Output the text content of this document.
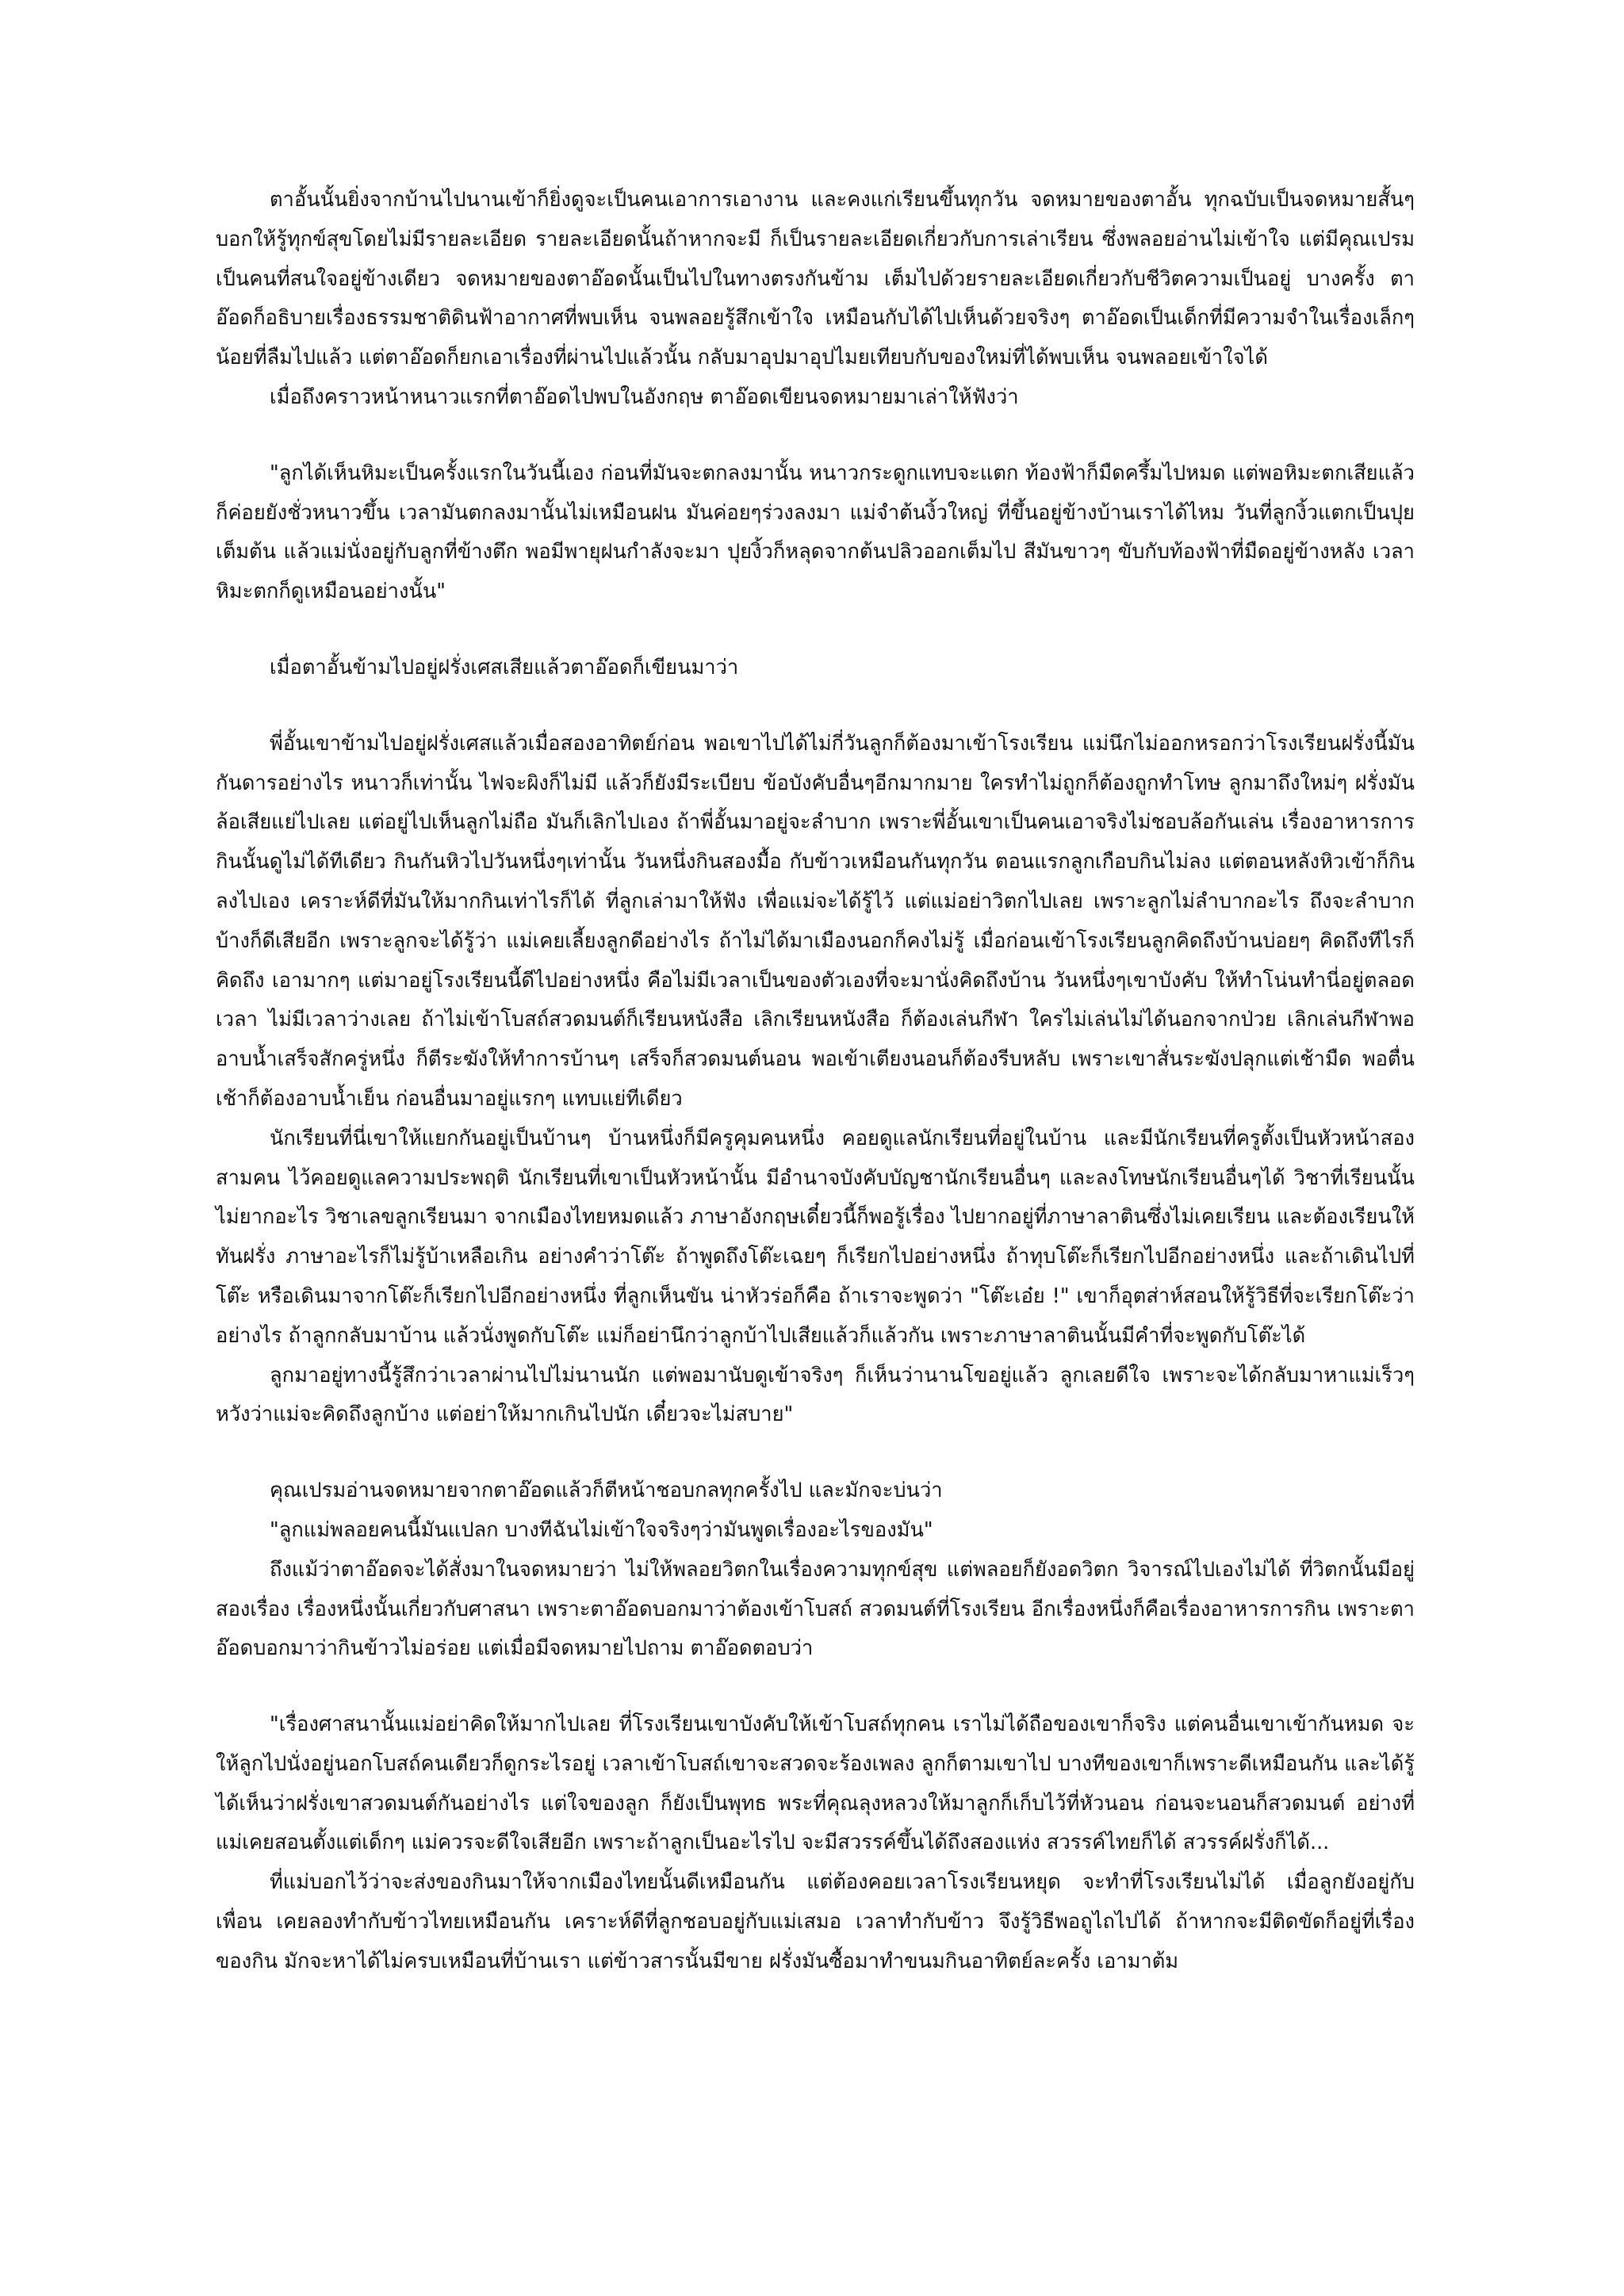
ตาอั้นนั้นยิ่งจากบ้านไปนานเข้าก็ยิ่งดูจะเป็นคนเอาการเอางาน และคงแก่เรียนขึ้นทุกวัน จดหมายของตาอั้น ทุกฉบับเป็นจดหมายสั้นๆ บอกให้รู้ทุกข์สุขโดยไม่มีรายละเอียด รายละเอียดนั้นถ้าหากจะมี ก็เป็นรายละเอียดเกี่ยวกับการเล่าเรียน ซึ่งพลอยอ่านไม่เข้าใจ แต่มีคุณเปรมเป็นคนที่สนใจอยู่ข้างเดียว จดหมายของตาอ๊อดนั้นเป็นไปในทางตรงกันข้าม เต็มไปด้วยรายละเอียดเกี่ยวกับชีวิตความเป็นอยู่ บางครั้ง ตาอ๊อดก็อธิบายเรื่องธรรมชาติดินฟ้าอากาศที่พบเห็น จนพลอยรู้สึกเข้าใจ เหมือนกับได้ไปเห็นด้วยจริงๆ ตาอ๊อดเป็นเด็กที่มีความจำในเรื่องเล็กๆน้อยที่ลืมไปแล้ว แต่ตาอ๊อดก็ยกเอาเรื่องที่ผ่านไปแล้วนั้น กลับมาอุปมาอุปไมยเทียบกับของใหม่ที่ได้พบเห็น จนพลอยเข้าใจได้
เมื่อถึงคราวหน้าหนาวแรกที่ตาอ๊อดไปพบในอังกฤษ ตาอ๊อดเขียนจดหมายมาเล่าให้ฟังว่า
"ลูกได้เห็นหิมะเป็นครั้งแรกในวันนี้เอง ก่อนที่มันจะตกลงมานั้น หนาวกระดูกแทบจะแตก ท้องฟ้าก็มืดครึ้มไปหมด แต่พอหิมะตกเสียแล้ว ก็ค่อยยังชั่วหนาวขึ้น เวลามันตกลงมานั้นไม่เหมือนฝน มันค่อยๆร่วงลงมา แม่จำต้นงิ้วใหญ่ ที่ขึ้นอยู่ข้างบ้านเราได้ไหม วันที่ลูกงิ้วแตกเป็นปุยเต็มต้น แล้วแม่นั่งอยู่กับลูกที่ข้างตึก พอมีพายุฝนกำลังจะมา ปุยงิ้วก็หลุดจากต้นปลิวออกเต็มไป สีมันขาวๆ ขับกับท้องฟ้าที่มืดอยู่ข้างหลัง เวลาหิมะตกก็ดูเหมือนอย่างนั้น"
เมื่อตาอั้นข้ามไปอยู่ฝรั่งเศสเสียแล้วตาอ๊อดก็เขียนมาว่า
พี่อั้นเขาข้ามไปอยู่ฝรั่งเศสแล้วเมื่อสองอาทิตย์ก่อน พอเขาไปได้ไม่กี่วันลูกก็ต้องมาเข้าโรงเรียน แม่นึกไม่ออกหรอกว่าโรงเรียนฝรั่งนี้มันกันดารอย่างไร หนาวก็เท่านั้น ไฟจะผิงก็ไม่มี แล้วก็ยังมีระเบียบ ข้อบังคับอื่นๆอีกมากมาย ใครทำไม่ถูกก็ต้องถูกทำโทษ ลูกมาถึงใหม่ๆ ฝรั่งมันล้อเสียแย่ไปเลย แต่อยู่ไปเห็นลูกไม่ถือ มันก็เลิกไปเอง ถ้าพี่อั้นมาอยู่จะลำบาก เพราะพี่อั้นเขาเป็นคนเอาจริงไม่ชอบล้อกันเล่น เรื่องอาหารการกินนั้นดูไม่ได้ทีเดียว กินกันหิวไปวันหนึ่งๆเท่านั้น วันหนึ่งกินสองมื้อ กับข้าวเหมือนกันทุกวัน ตอนแรกลูกเกือบกินไม่ลง แต่ตอนหลังหิวเข้าก็กินลงไปเอง เคราะห์ดีที่มันให้มากกินเท่าไรก็ได้ ที่ลูกเล่ามาให้ฟัง เพื่อแม่จะได้รู้ไว้ แต่แม่อย่าวิตกไปเลย เพราะลูกไม่ลำบากอะไร ถึงจะลำบากบ้างก็ดีเสียอีก เพราะลูกจะได้รู้ว่า แม่เคยเลี้ยงลูกดีอย่างไร ถ้าไม่ได้มาเมืองนอกก็คงไม่รู้ เมื่อก่อนเข้าโรงเรียนลูกคิดถึงบ้านบ่อยๆ คิดถึงทีไรก็คิดถึง เอามากๆ แต่มาอยู่โรงเรียนนี้ดีไปอย่างหนึ่ง คือไม่มีเวลาเป็นของตัวเองที่จะมานั่งคิดถึงบ้าน วันหนึ่งๆเขาบังคับ ให้ทำโน่นทำนี่อยู่ตลอดเวลา ไม่มีเวลาว่างเลย ถ้าไม่เข้าโบสถ์สวดมนต์ก็เรียนหนังสือ เลิกเรียนหนังสือ ก็ต้องเล่นกีฬา ใครไม่เล่นไม่ได้นอกจากป่วย เลิกเล่นกีฬาพออาบน้ำเสร็จสักครู่หนึ่ง ก็ตีระฆังให้ทำการบ้านๆ เสร็จก็สวดมนต์นอน พอเข้าเตียงนอนก็ต้องรีบหลับ เพราะเขาสั่นระฆังปลุกแต่เช้ามืด พอตื่นเช้าก็ต้องอาบน้ำเย็น ก่อนอื่นมาอยู่แรกๆ แทบแย่ทีเดียว
นักเรียนที่นี่เขาให้แยกกันอยู่เป็นบ้านๆ บ้านหนึ่งก็มีครูคุมคนหนึ่ง คอยดูแลนักเรียนที่อยู่ในบ้าน และมีนักเรียนที่ครูตั้งเป็นหัวหน้าสองสามคน ไว้คอยดูแลความประพฤติ นักเรียนที่เขาเป็นหัวหน้านั้น มีอำนาจบังคับบัญชานักเรียนอื่นๆ และลงโทษนักเรียนอื่นๆได้ วิชาที่เรียนนั้นไม่ยากอะไร วิชาเลขลูกเรียนมา จากเมืองไทยหมดแล้ว ภาษาอังกฤษเดี๋ยวนี้ก็พอรู้เรื่อง ไปยากอยู่ที่ภาษาลาตินซึ่งไม่เคยเรียน และต้องเรียนให้ทันฝรั่ง ภาษาอะไรก็ไม่รู้บ้าเหลือเกิน อย่างคำว่าโต๊ะ ถ้าพูดถึงโต๊ะเฉยๆ ก็เรียกไปอย่างหนึ่ง ถ้าทุบโต๊ะก็เรียกไปอีกอย่างหนึ่ง และถ้าเดินไปที่โต๊ะ หรือเดินมาจากโต๊ะก็เรียกไปอีกอย่างหนึ่ง ที่ลูกเห็นขัน น่าหัวร่อก็คือ ถ้าเราจะพูดว่า "โต๊ะเอ๋ย !" เขาก็อุตส่าห์สอนให้รู้วิธีที่จะเรียกโต๊ะว่าอย่างไร ถ้าลูกกลับมาบ้าน แล้วนั่งพูดกับโต๊ะ แม่ก็อย่านึกว่าลูกบ้าไปเสียแล้วก็แล้วกัน เพราะภาษาลาตินนั้นมีคำที่จะพูดกับโต๊ะได้
ลูกมาอยู่ทางนี้รู้สึกว่าเวลาผ่านไปไม่นานนัก แต่พอมานับดูเข้าจริงๆ ก็เห็นว่านานโขอยู่แล้ว ลูกเลยดีใจ เพราะจะได้กลับมาหาแม่เร็วๆ หวังว่าแม่จะคิดถึงลูกบ้าง แต่อย่าให้มากเกินไปนัก เดี๋ยวจะไม่สบาย"
คุณเปรมอ่านจดหมายจากตาอ๊อดแล้วก็ตีหน้าชอบกลทุกครั้งไป และมักจะบ่นว่า
"ลูกแม่พลอยคนนี้มันแปลก บางทีฉันไม่เข้าใจจริงๆว่ามันพูดเรื่องอะไรของมัน"
ถึงแม้ว่าตาอ๊อดจะได้สั่งมาในจดหมายว่า ไม่ให้พลอยวิตกในเรื่องความทุกข์สุข แต่พลอยก็ยังอดวิตก วิจารณ์ไปเองไม่ได้ ที่วิตกนั้นมีอยู่สองเรื่อง เรื่องหนึ่งนั้นเกี่ยวกับศาสนา เพราะตาอ๊อดบอกมาว่าต้องเข้าโบสถ์ สวดมนต์ที่โรงเรียน อีกเรื่องหนึ่งก็คือเรื่องอาหารการกิน เพราะตาอ๊อดบอกมาว่ากินข้าวไม่อร่อย แต่เมื่อมีจดหมายไปถาม ตาอ๊อดตอบว่า
"เรื่องศาสนานั้นแม่อย่าคิดให้มากไปเลย ที่โรงเรียนเขาบังคับให้เข้าโบสถ์ทุกคน เราไม่ได้ถือของเขาก็จริง แต่คนอื่นเขาเข้ากันหมด จะให้ลูกไปนั่งอยู่นอกโบสถ์คนเดียวก็ดูกระไรอยู่ เวลาเข้าโบสถ์เขาจะสวดจะร้องเพลง ลูกก็ตามเขาไป บางทีของเขาก็เพราะดีเหมือนกัน และได้รู้ได้เห็นว่าฝรั่งเขาสวดมนต์กันอย่างไร แต่ใจของลูก ก็ยังเป็นพุทธ พระที่คุณลุงหลวงให้มาลูกก็เก็บไว้ที่หัวนอน ก่อนจะนอนก็สวดมนต์ อย่างที่แม่เคยสอนตั้งแต่เด็กๆ แม่ควรจะดีใจเสียอีก เพราะถ้าลูกเป็นอะไรไป จะมีสวรรค์ขึ้นได้ถึงสองแห่ง สวรรค์ไทยก็ได้ สวรรค์ฝรั่งก็ได้...
ที่แม่บอกไว้ว่าจะส่งของกินมาให้จากเมืองไทยนั้นดีเหมือนกัน แต่ต้องคอยเวลาโรงเรียนหยุด จะทำที่โรงเรียนไม่ได้ เมื่อลูกยังอยู่กับเพื่อน เคยลองทำกับข้าวไทยเหมือนกัน เคราะห์ดีที่ลูกชอบอยู่กับแม่เสมอ เวลาทำกับข้าว จึงรู้วิธีพอถูไถไปได้ ถ้าหากจะมีติดขัดก็อยู่ที่เรื่องของกิน มักจะหาได้ไม่ครบเหมือนที่บ้านเรา แต่ข้าวสารนั้นมีขาย ฝรั่งมันซื้อมาทำขนมกินอาทิตย์ละครั้ง เอามาต้ม
